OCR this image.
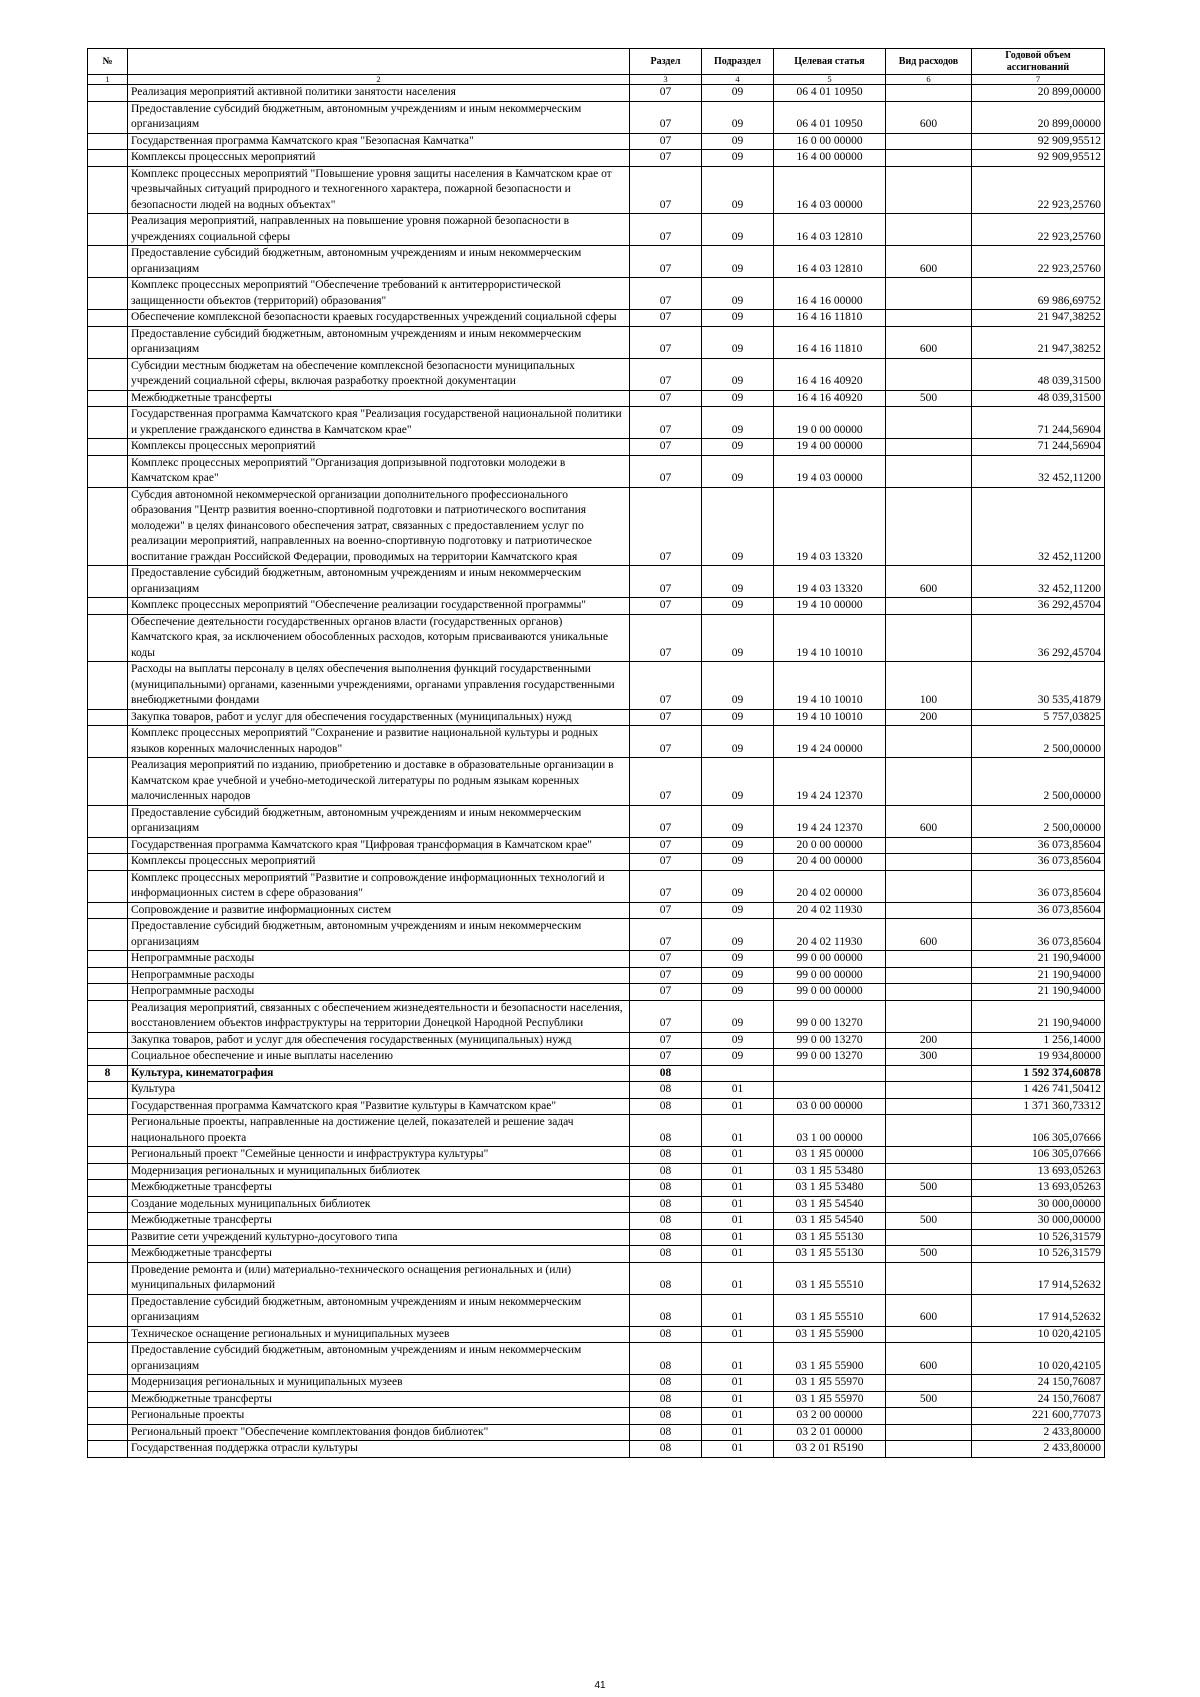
№		Раздел	Подраздел	Целевая статья	Вид расходов	Годовой объем ассигнований
1	2	3	4	5	6	7
	Реализация мероприятий активной политики занятости населения	07	09	06 4 01 10950		20 899,00000
	Предоставление субсидий бюджетным, автономным учреждениям и иным некоммерческим организациям	07	09	06 4 01 10950	600	20 899,00000
	Государственная программа Камчатского края "Безопасная Камчатка"	07	09	16 0 00 00000		92 909,95512
	Комплексы процессных мероприятий	07	09	16 4 00 00000		92 909,95512
	Комплекс процессных мероприятий "Повышение уровня защиты населения в Камчатском крае от чрезвычайных ситуаций природного и техногенного характера, пожарной безопасности и безопасности людей на водных объектах"	07	09	16 4 03 00000		22 923,25760
	Реализация мероприятий, направленных на повышение уровня пожарной безопасности в учреждениях социальной сферы	07	09	16 4 03 12810		22 923,25760
	Предоставление субсидий бюджетным, автономным учреждениям и иным некоммерческим организациям	07	09	16 4 03 12810	600	22 923,25760
	Комплекс процессных мероприятий "Обеспечение требований к антитеррористической защищенности объектов (территорий) образования"	07	09	16 4 16 00000		69 986,69752
	Обеспечение комплексной безопасности краевых государственных учреждений социальной сферы	07	09	16 4 16 11810		21 947,38252
	Предоставление субсидий бюджетным, автономным учреждениям и иным некоммерческим организациям	07	09	16 4 16 11810	600	21 947,38252
	Субсидии местным бюджетам на обеспечение комплексной безопасности муниципальных учреждений социальной сферы, включая разработку проектной документации	07	09	16 4 16 40920		48 039,31500
	Межбюджетные трансферты	07	09	16 4 16 40920	500	48 039,31500
	Государственная программа Камчатского края "Реализация государственой национальной политики и укрепление гражданского единства в Камчатском крае"	07	09	19 0 00 00000		71 244,56904
	Комплексы процессных мероприятий	07	09	19 4 00 00000		71 244,56904
	Комплекс процессных мероприятий "Организация допризывной подготовки молодежи в Камчатском крае"	07	09	19 4 03 00000		32 452,11200
	Субсдия автономной некоммерческой организации дополнительного профессионального образования "Центр развития военно-спортивной подготовки и патриотического воспитания молодежи" в целях финансового обеспечения затрат, связанных с предоставлением услуг по реализации мероприятий, направленных на военно-спортивную подготовку и патриотическое воспитание граждан Российской Федерации, проводимых на территории Камчатского края	07	09	19 4 03 13320		32 452,11200
	Предоставление субсидий бюджетным, автономным учреждениям и иным некоммерческим организациям	07	09	19 4 03 13320	600	32 452,11200
	Комплекс процессных мероприятий "Обеспечение реализации государственной программы"	07	09	19 4 10 00000		36 292,45704
	Обеспечение деятельности государственных органов власти (государственных органов) Камчатского края, за исключением обособленных расходов, которым присваиваются уникальные коды	07	09	19 4 10 10010		36 292,45704
	Расходы на выплаты персоналу в целях обеспечения выполнения функций государственными (муниципальными) органами, казенными учреждениями, органами управления государственными внебюджетными фондами	07	09	19 4 10 10010	100	30 535,41879
	Закупка товаров, работ и услуг для обеспечения государственных (муниципальных) нужд	07	09	19 4 10 10010	200	5 757,03825
	Комплекс процессных мероприятий "Сохранение и развитие национальной культуры и родных языков коренных малочисленных народов"	07	09	19 4 24 00000		2 500,00000
	Реализация мероприятий по изданию, приобретению и доставке в образовательные организации в Камчатском крае учебной и учебно-методической литературы по родным языкам коренных малочисленных народов	07	09	19 4 24 12370		2 500,00000
	Предоставление субсидий бюджетным, автономным учреждениям и иным некоммерческим организациям	07	09	19 4 24 12370	600	2 500,00000
	Государственная программа Камчатского края "Цифровая трансформация в Камчатском крае"	07	09	20 0 00 00000		36 073,85604
	Комплексы процессных мероприятий	07	09	20 4 00 00000		36 073,85604
	Комплекс процессных мероприятий "Развитие и сопровождение информационных технологий и информационных систем в сфере образования"	07	09	20 4 02 00000		36 073,85604
	Сопровождение и развитие информационных систем	07	09	20 4 02 11930		36 073,85604
	Предоставление субсидий бюджетным, автономным учреждениям и иным некоммерческим организациям	07	09	20 4 02 11930	600	36 073,85604
	Непрограммные расходы	07	09	99 0 00 00000		21 190,94000
	Непрограммные расходы	07	09	99 0 00 00000		21 190,94000
	Непрограммные расходы	07	09	99 0 00 00000		21 190,94000
	Реализация мероприятий, связанных с обеспечением жизнедеятельности и безопасности населения, восстановлением объектов инфраструктуры на территории Донецкой Народной Республики	07	09	99 0 00 13270		21 190,94000
	Закупка товаров, работ и услуг для обеспечения государственных (муниципальных) нужд	07	09	99 0 00 13270	200	1 256,14000
	Социальное обеспечение и иные выплаты населению	07	09	99 0 00 13270	300	19 934,80000
8	Культура, кинематография	08				1 592 374,60878
	Культура	08	01			1 426 741,50412
	Государственная программа Камчатского края "Развитие культуры в Камчатском крае"	08	01	03 0 00 00000		1 371 360,73312
	Региональные проекты, направленные на достижение целей, показателей и решение задач национального проекта	08	01	03 1 00 00000		106 305,07666
	Региональный проект "Семейные ценности и инфраструктура культуры"	08	01	03 1 Я5 00000		106 305,07666
	Модернизация региональных и муниципальных библиотек	08	01	03 1 Я5 53480		13 693,05263
	Межбюджетные трансферты	08	01	03 1 Я5 53480	500	13 693,05263
	Создание модельных муниципальных библиотек	08	01	03 1 Я5 54540		30 000,00000
	Межбюджетные трансферты	08	01	03 1 Я5 54540	500	30 000,00000
	Развитие сети учреждений культурно-досугового типа	08	01	03 1 Я5 55130		10 526,31579
	Межбюджетные трансферты	08	01	03 1 Я5 55130	500	10 526,31579
	Проведение ремонта и (или) материально-технического оснащения региональных и (или) муниципальных филармоний	08	01	03 1 Я5 55510		17 914,52632
	Предоставление субсидий бюджетным, автономным учреждениям и иным некоммерческим организациям	08	01	03 1 Я5 55510	600	17 914,52632
	Техническое оснащение региональных и муниципальных музеев	08	01	03 1 Я5 55900		10 020,42105
	Предоставление субсидий бюджетным, автономным учреждениям и иным некоммерческим организациям	08	01	03 1 Я5 55900	600	10 020,42105
	Модернизация региональных и муниципальных музеев	08	01	03 1 Я5 55970		24 150,76087
	Межбюджетные трансферты	08	01	03 1 Я5 55970	500	24 150,76087
	Региональные проекты	08	01	03 2 00 00000		221 600,77073
	Региональный проект "Обеспечение комплектования фондов библиотек"	08	01	03 2 01 00000		2 433,80000
	Государственная поддержка отрасли культуры	08	01	03 2 01 R5190		2 433,80000
41
